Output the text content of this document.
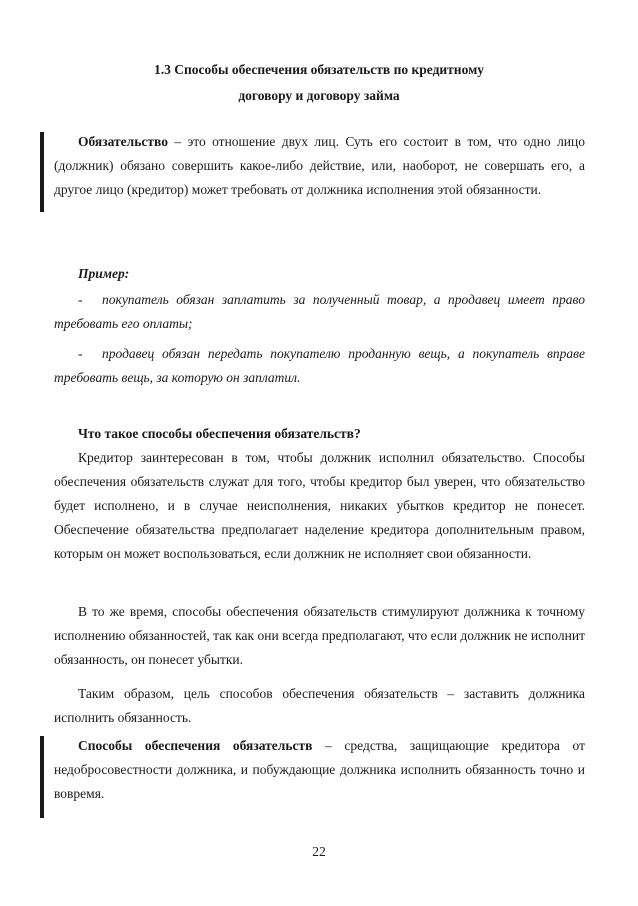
1.3 Способы обеспечения обязательств по кредитному
договору и договору займа
Обязательство – это отношение двух лиц. Суть его состоит в том, что одно лицо (должник) обязано совершить какое-либо действие, или, наоборот, не совершать его, а другое лицо (кредитор) может требовать от должника исполнения этой обязанности.
Пример:
- покупатель обязан заплатить за полученный товар, а продавец имеет право требовать его оплаты;
- продавец обязан передать покупателю проданную вещь, а покупатель вправе требовать вещь, за которую он заплатил.
Что такое способы обеспечения обязательств?
Кредитор заинтересован в том, чтобы должник исполнил обязательство. Способы обеспечения обязательств служат для того, чтобы кредитор был уверен, что обязательство будет исполнено, и в случае неисполнения, никаких убытков кредитор не понесет. Обеспечение обязательства предполагает наделение кредитора дополнительным правом, которым он может воспользоваться, если должник не исполняет свои обязанности.
В то же время, способы обеспечения обязательств стимулируют должника к точному исполнению обязанностей, так как они всегда предполагают, что если должник не исполнит обязанность, он понесет убытки.
Таким образом, цель способов обеспечения обязательств – заставить должника исполнить обязанность.
Способы обеспечения обязательств – средства, защищающие кредитора от недобросовестности должника, и побуждающие должника исполнить обязанность точно и вовремя.
22
